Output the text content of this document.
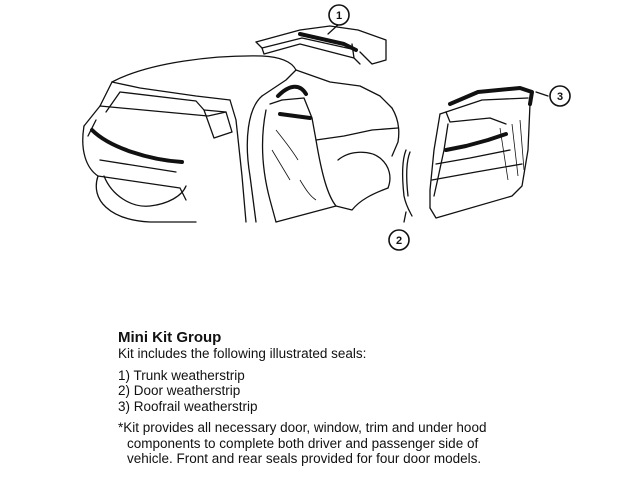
1
2
3

Mini Kit Group

Kit includes the following illustrated seals:

1) Trunk weatherstrip
2) Door weatherstrip
3) Roofrail weatherstrip

*Kit provides all necessary door, window, trim and under hood
components to complete both driver and passenger side of
vehicle. Front and rear seals provided for four door models.
